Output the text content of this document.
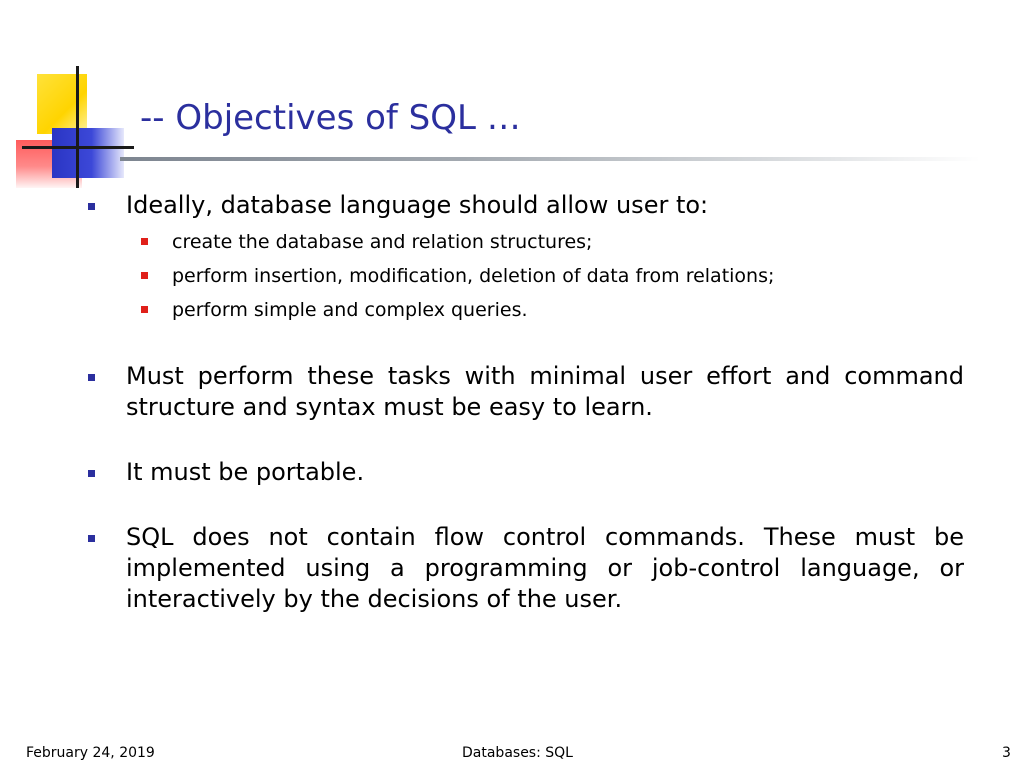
-- Objectives of SQL …
Ideally, database language should allow user to:
create the database and relation structures;
perform insertion, modification, deletion of data from relations;
perform simple and complex queries.
Must perform these tasks with minimal user effort and command structure and syntax must be easy to learn.
It must be portable.
SQL does not contain flow control commands. These must be implemented using a programming or job-control language, or interactively by the decisions of the user.
February 24, 2019	Databases: SQL	3
